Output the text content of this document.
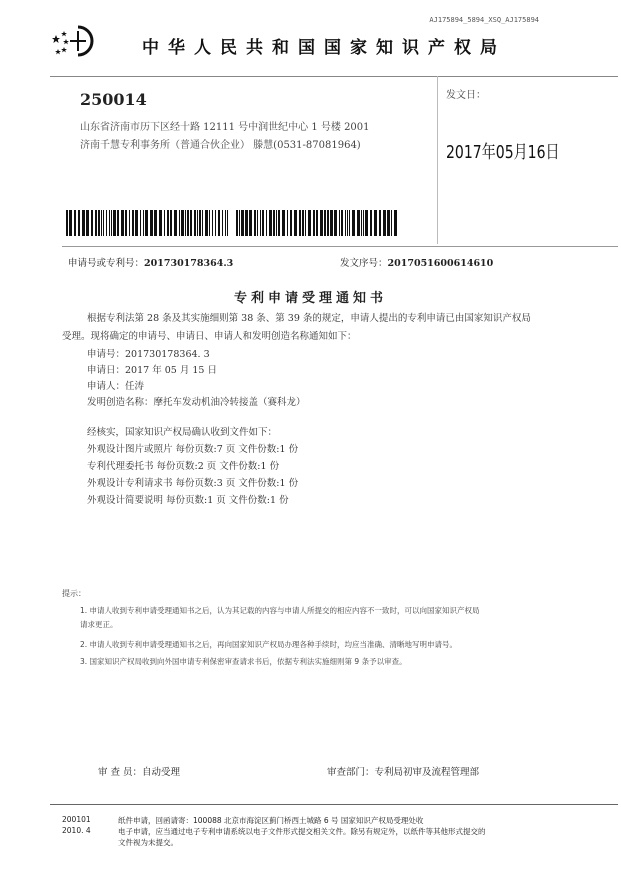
AJ175894_5894_XSQ_AJ175894
中华人民共和国国家知识产权局
250014
山东省济南市历下区经十路 12111 号中润世纪中心 1 号楼 2001
济南千慧专利事务所（普通合伙企业） 滕慧(0531-87081964)
发文日：
2017年05月16日
申请号或专利号：201730178364.3	发文序号：2017051600614610
专利申请受理通知书
根据专利法第 28 条及其实施细则第 38 条、第 39 条的规定，申请人提出的专利申请已由国家知识产权局
受理。现将确定的申请号、申请日、申请人和发明创造名称通知如下：
申请号：201730178364. 3
申请日：2017 年 05 月 15 日
申请人：任涛
发明创造名称：摩托车发动机油冷转接盖（赛科龙）
经核实，国家知识产权局确认收到文件如下：
外观设计图片或照片 每份页数:7 页 文件份数:1 份
专利代理委托书 每份页数:2 页 文件份数:1 份
外观设计专利请求书 每份页数:3 页 文件份数:1 份
外观设计简要说明 每份页数:1 页 文件份数:1 份
提示：
1. 申请人收到专利申请受理通知书之后，认为其记载的内容与申请人所提交的相应内容不一致时，可以向国家知识产权局
请求更正。
2. 申请人收到专利申请受理通知书之后，再向国家知识产权局办理各种手续时，均应当准确、清晰地写明申请号。
3. 国家知识产权局收到向外国申请专利保密审查请求书后，依据专利法实施细则第 9 条予以审查。
审 查 员：自动受理	审查部门：专利局初审及流程管理部
200101
2010. 4
纸件申请，回函请寄：100088 北京市海淀区蓟门桥西土城路 6 号 国家知识产权局受理处收
电子申请，应当通过电子专利申请系统以电子文件形式提交相关文件。除另有规定外，以纸件等其他形式提交的
文件视为未提交。
